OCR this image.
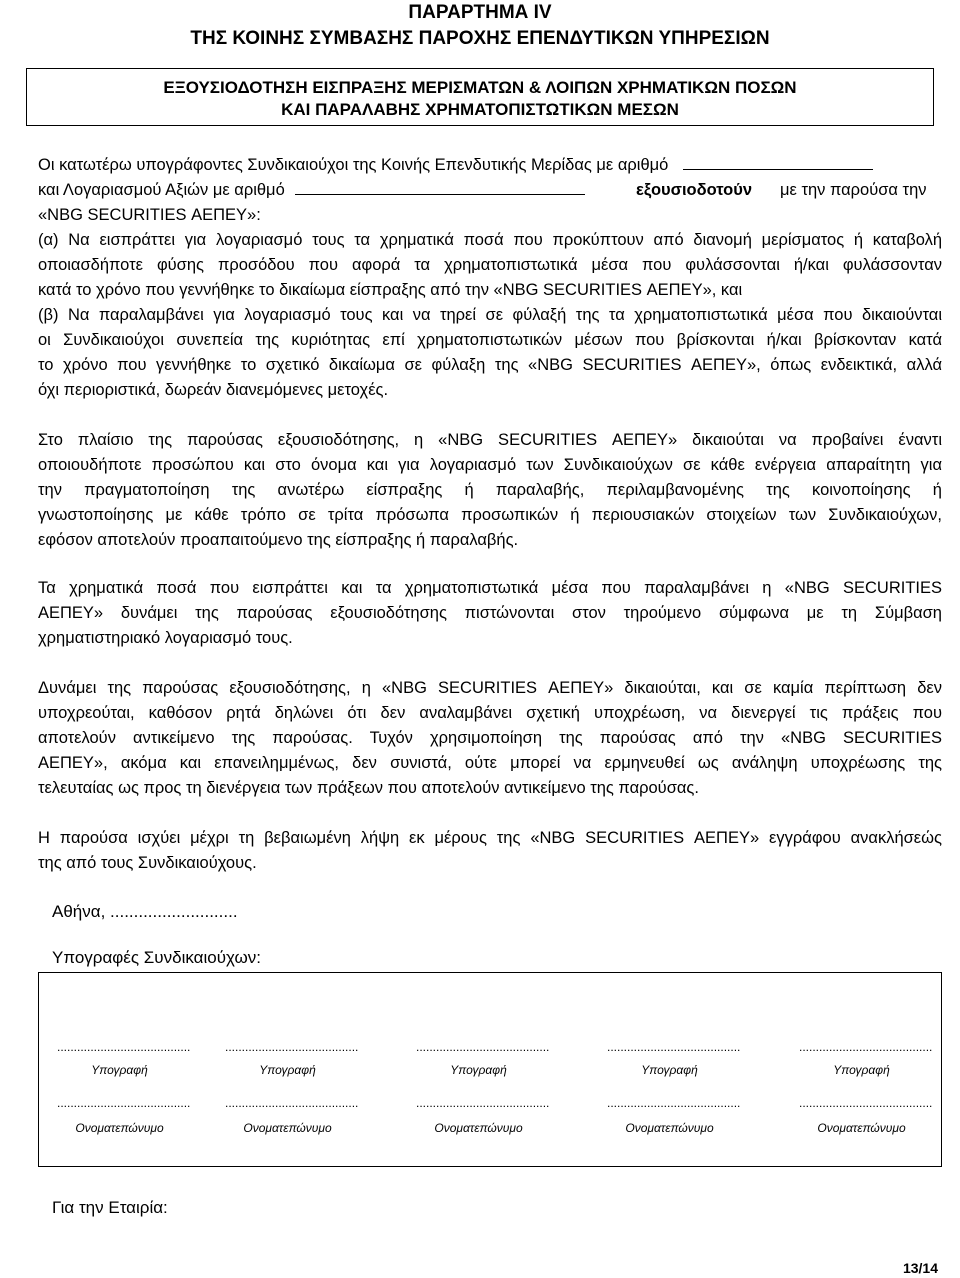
ΠΑΡΑΡΤΗΜΑ IV
ΤΗΣ ΚΟΙΝΗΣ ΣΥΜΒΑΣΗΣ ΠΑΡΟΧΗΣ ΕΠΕΝΔΥΤΙΚΩΝ ΥΠΗΡΕΣΙΩΝ
ΕΞΟΥΣΙΟΔΟΤΗΣΗ ΕΙΣΠΡΑΞΗΣ ΜΕΡΙΣΜΑΤΩΝ & ΛΟΙΠΩΝ ΧΡΗΜΑΤΙΚΩΝ ΠΟΣΩΝ
ΚΑΙ ΠΑΡΑΛΑΒΗΣ ΧΡΗΜΑΤΟΠΙΣΤΩΤΙΚΩΝ ΜΕΣΩΝ
Οι κατωτέρω υπογράφοντες Συνδικαιούχοι της Κοινής Επενδυτικής Μερίδας με αριθμό
και Λογαριασμού Αξιών με αριθμό	εξουσιοδοτούν με την παρούσα την
«NBG SECURITIES ΑΕΠΕΥ»:
(α) Να εισπράττει για λογαριασμό τους τα χρηματικά ποσά που προκύπτουν από διανομή μερίσματος ή καταβολή
οποιασδήποτε φύσης προσόδου που αφορά τα χρηματοπιστωτικά μέσα που φυλάσσονται ή/και φυλάσσονταν
κατά το χρόνο που γεννήθηκε το δικαίωμα είσπραξης από την «NBG SECURITIES ΑΕΠΕΥ», και
(β) Να παραλαμβάνει για λογαριασμό τους και να τηρεί σε φύλαξή της τα χρηματοπιστωτικά μέσα που δικαιούνται
οι Συνδικαιούχοι συνεπεία της κυριότητας επί χρηματοπιστωτικών μέσων που βρίσκονται ή/και βρίσκονταν κατά
το χρόνο που γεννήθηκε το σχετικό δικαίωμα σε φύλαξη της «NBG SECURITIES ΑΕΠΕΥ», όπως ενδεικτικά, αλλά
όχι περιοριστικά, δωρεάν διανεμόμενες μετοχές.
Στο πλαίσιο της παρούσας εξουσιοδότησης, η «NBG SECURITIES ΑΕΠΕΥ» δικαιούται να προβαίνει έναντι
οποιουδήποτε προσώπου και στο όνομα και για λογαριασμό των Συνδικαιούχων σε κάθε ενέργεια απαραίτητη για
την πραγματοποίηση της ανωτέρω είσπραξης ή παραλαβής, περιλαμβανομένης της κοινοποίησης ή
γνωστοποίησης με κάθε τρόπο σε τρίτα πρόσωπα προσωπικών ή περιουσιακών στοιχείων των Συνδικαιούχων,
εφόσον αποτελούν προαπαιτούμενο της είσπραξης ή παραλαβής.
Τα χρηματικά ποσά που εισπράττει και τα χρηματοπιστωτικά μέσα που παραλαμβάνει η «NBG SECURITIES
ΑΕΠΕΥ» δυνάμει της παρούσας εξουσιοδότησης πιστώνονται στον τηρούμενο σύμφωνα με τη Σύμβαση
χρηματιστηριακό λογαριασμό τους.
Δυνάμει της παρούσας εξουσιοδότησης, η «NBG SECURITIES ΑΕΠΕΥ» δικαιούται, και σε καμία περίπτωση δεν
υποχρεούται, καθόσον ρητά δηλώνει ότι δεν αναλαμβάνει σχετική υποχρέωση, να διενεργεί τις πράξεις που
αποτελούν αντικείμενο της παρούσας. Τυχόν χρησιμοποίηση της παρούσας από την «NBG SECURITIES
ΑΕΠΕΥ», ακόμα και επανειλημμένως, δεν συνιστά, ούτε μπορεί να ερμηνευθεί ως ανάληψη υποχρέωσης της
τελευταίας ως προς τη διενέργεια των πράξεων που αποτελούν αντικείμενο της παρούσας.
Η παρούσα ισχύει μέχρι τη βεβαιωμένη λήψη εκ μέρους της «NBG SECURITIES ΑΕΠΕΥ» εγγράφου ανακλήσεώς
της από τους Συνδικαιούχους.
Αθήνα, ...........................
Υπογραφές Συνδικαιούχων:
........................................
Υπογραφή
........................................
Υπογραφή
........................................
Υπογραφή
........................................
Υπογραφή
........................................
Υπογραφή
........................................
Ονοματεπώνυμο
........................................
Ονοματεπώνυμο
........................................
Ονοματεπώνυμο
........................................
Ονοματεπώνυμο
........................................
Ονοματεπώνυμο
Για την Εταιρία:
13/14
